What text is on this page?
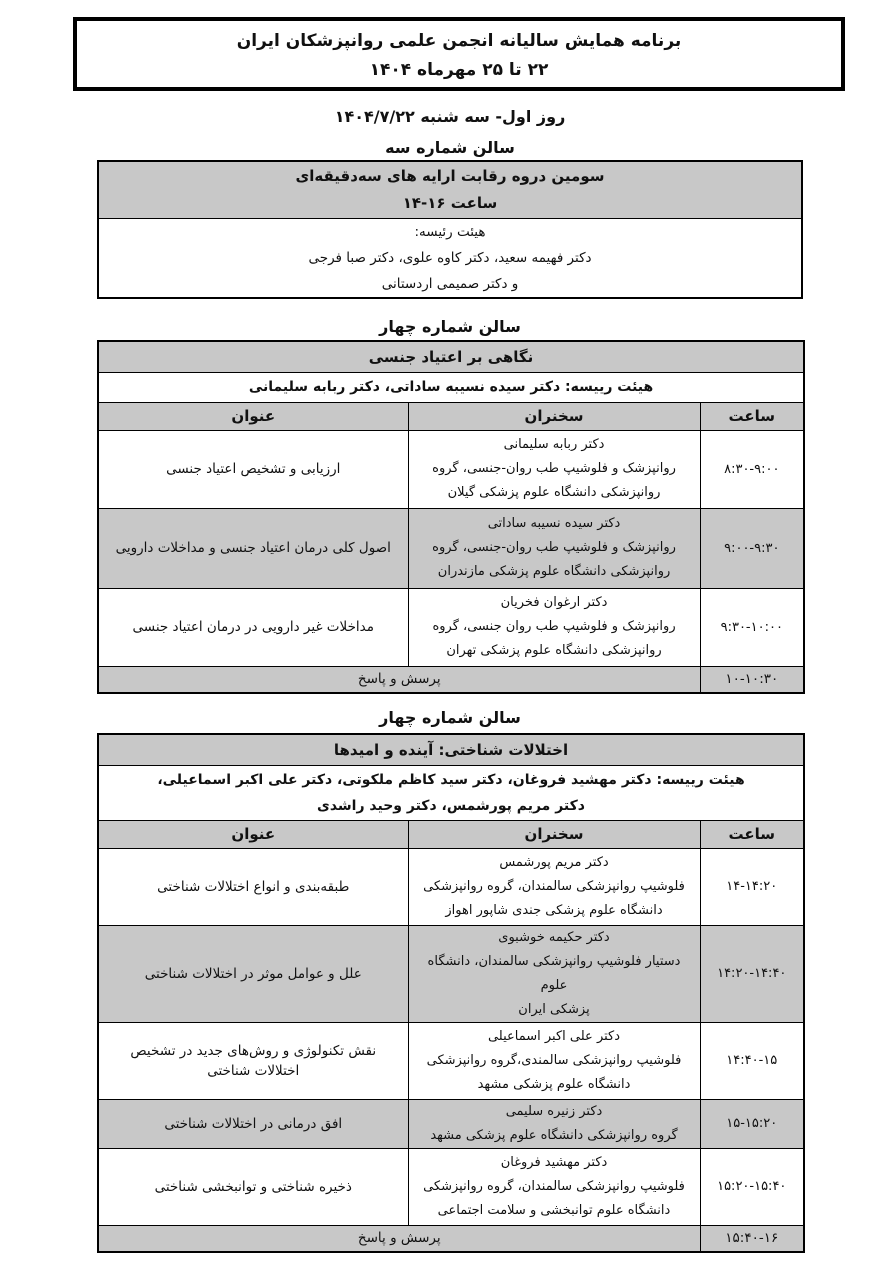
برنامه همایش سالیانه انجمن علمی روانپزشکان ایران
۲۲ تا ۲۵ مهرماه ۱۴۰۴
روز اول- سه شنبه ۱۴۰۴/۷/۲۲
سالن شماره سه
سومین دروه رقابت ارایه های سه‌دقیقه‌ای
ساعت ۱۶-۱۴

هیئت رئیسه:
دکتر فهیمه سعید، دکتر کاوه علوی، دکتر صبا فرجی
و دکتر صمیمی اردستانی
سالن شماره چهار
نگاهی بر اعتیاد جنسی		
هیئت رییسه: دکتر سیده نسیبه ساداتی، دکتر ربابه سلیمانی		
ساعت	سخنران	عنوان
۸:۳۰-۹:۰۰	دکتر ربابه سلیمانی
روانپزشک و فلوشیپ طب روان-جنسی، گروه
روانپزشکی دانشگاه علوم پزشکی گیلان	ارزیابی و تشخیص اعتیاد جنسی
۹:۰۰-۹:۳۰	دکتر سیده نسیبه ساداتی
روانپزشک و فلوشیپ طب روان-جنسی، گروه
روانپزشکی دانشگاه علوم پزشکی مازندران	اصول کلی درمان اعتیاد جنسی و مداخلات دارویی
۹:۳۰-۱۰:۰۰	دکتر ارغوان فخریان
روانپزشک و فلوشیپ طب روان جنسی، گروه
روانپزشکی دانشگاه علوم پزشکی تهران	مداخلات غیر دارویی در درمان اعتیاد جنسی
۱۰-۱۰:۳۰	پرسش و پاسخ	
سالن شماره چهار
اختلالات شناختی: آینده و امیدها		

هیئت رییسه: دکتر مهشید فروغان، دکتر سید کاظم ملکوتی، دکتر علی اکبر اسماعیلی،
دکتر مریم پورشمس، دکتر وحید راشدی		

ساعت	سخنران	عنوان
۱۴-۱۴:۲۰	دکتر مریم پورشمس
فلوشیپ روانپزشکی سالمندان، گروه روانپزشکی
دانشگاه علوم پزشکی جندی شاپور اهواز	طبقه‌بندی و انواع اختلالات شناختی
۱۴:۲۰-۱۴:۴۰	دکتر حکیمه خوشبوی
دستیار فلوشیپ روانپزشکی سالمندان، دانشگاه علوم
پزشکی ایران	علل و عوامل موثر در اختلالات شناختی
۱۴:۴۰-۱۵	دکتر علی اکبر اسماعیلی
فلوشیپ روانپزشکی سالمندی،گروه روانپزشکی
دانشگاه علوم پزشکی مشهد	نقش تکنولوژی و روش‌های جدید در تشخیص اختلالات شناختی
۱۵-۱۵:۲۰	دکتر زنیره سلیمی
گروه روانپزشکی دانشگاه علوم پزشکی مشهد	افق درمانی در اختلالات شناختی
۱۵:۲۰-۱۵:۴۰	دکتر مهشید فروغان
فلوشیپ روانپزشکی سالمندان، گروه روانپزشکی
دانشگاه علوم توانبخشی و سلامت اجتماعی	ذخیره شناختی و توانبخشی شناختی
۱۵:۴۰-۱۶	پرسش و پاسخ	
